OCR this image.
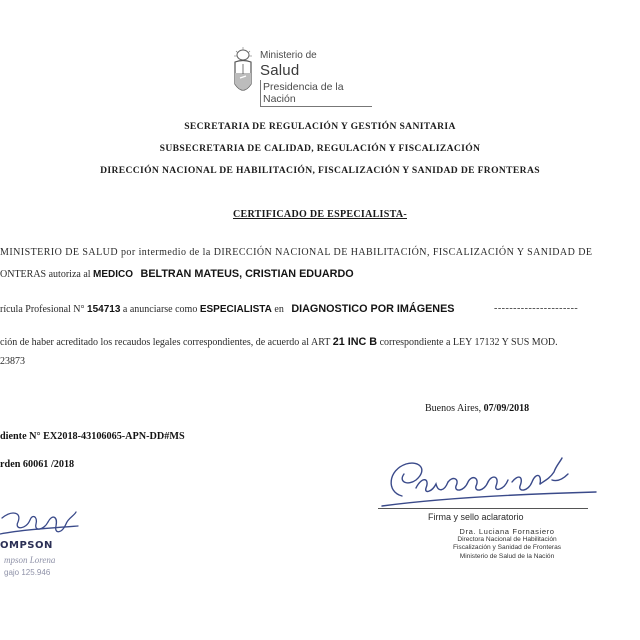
Ministerio de
Salud
Presidencia de la Nación
SECRETARIA DE REGULACIÓN Y GESTIÓN SANITARIA
SUBSECRETARIA DE CALIDAD, REGULACIÓN Y FISCALIZACIÓN
DIRECCIÓN NACIONAL DE HABILITACIÓN, FISCALIZACIÓN Y SANIDAD DE FRONTERAS
CERTIFICADO DE ESPECIALISTA-
MINISTERIO DE SALUD por intermedio de la DIRECCIÓN NACIONAL DE HABILITACIÓN, FISCALIZACIÓN Y SANIDAD DE
ONTERAS autoriza al MEDICO BELTRAN MATEUS, CRISTIAN EDUARDO
rícula Profesional N° 154713 a anunciarse como ESPECIALISTA en   DIAGNOSTICO POR IMÁGENES	----------------------
ción de haber acreditado los recaudos legales correspondientes, de acuerdo al ART 21 INC B correspondiente a LEY 17132 Y SUS MOD.
23873
Buenos Aires, 07/09/2018
diente N° EX2018-43106065-APN-DD#MS
rden 60061 /2018
Firma y sello aclaratorio
Dra. Luciana Fornasiero
Directora Nacional de Habilitación
Fiscalización y Sanidad de Fronteras
Ministerio de Salud de la Nación
OMPSON
mpson Lorena
gajo 125.946
